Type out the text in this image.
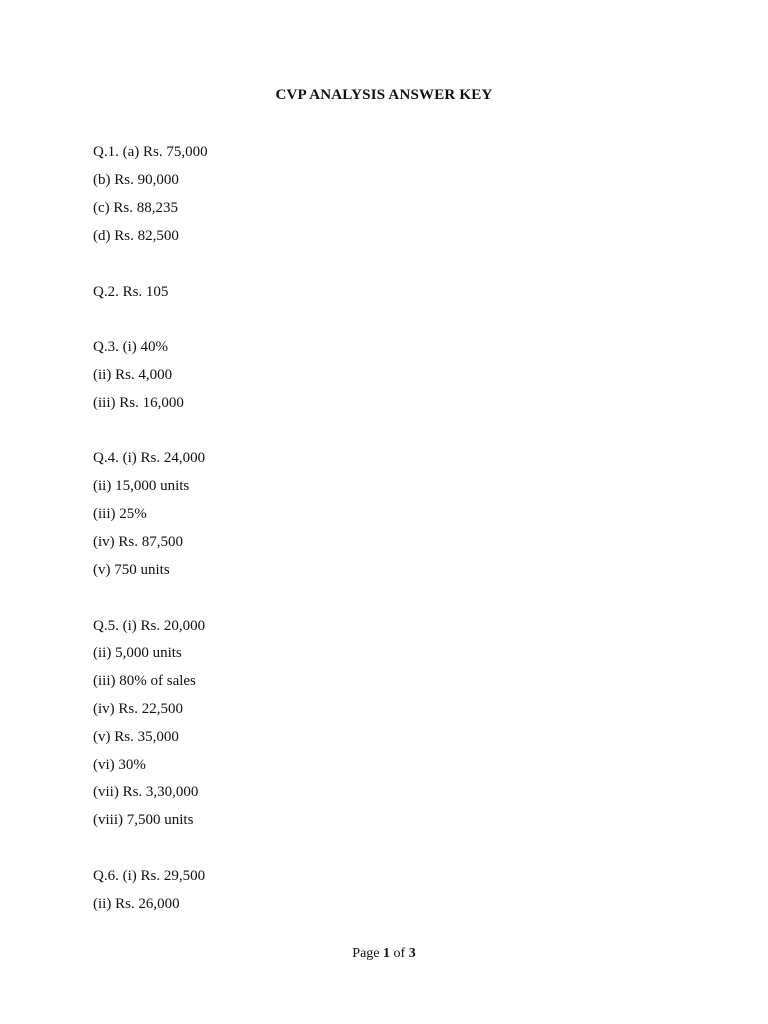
CVP ANALYSIS ANSWER KEY
Q.1. (a) Rs. 75,000
(b) Rs. 90,000
(c) Rs. 88,235
(d) Rs. 82,500
Q.2. Rs. 105
Q.3. (i) 40%
(ii) Rs. 4,000
(iii) Rs. 16,000
Q.4. (i) Rs. 24,000
(ii) 15,000 units
(iii) 25%
(iv) Rs. 87,500
(v) 750 units
Q.5. (i) Rs. 20,000
(ii) 5,000 units
(iii) 80% of sales
(iv) Rs. 22,500
(v) Rs. 35,000
(vi) 30%
(vii) Rs. 3,30,000
(viii) 7,500 units
Q.6. (i) Rs. 29,500
(ii) Rs. 26,000
Page 1 of 3
